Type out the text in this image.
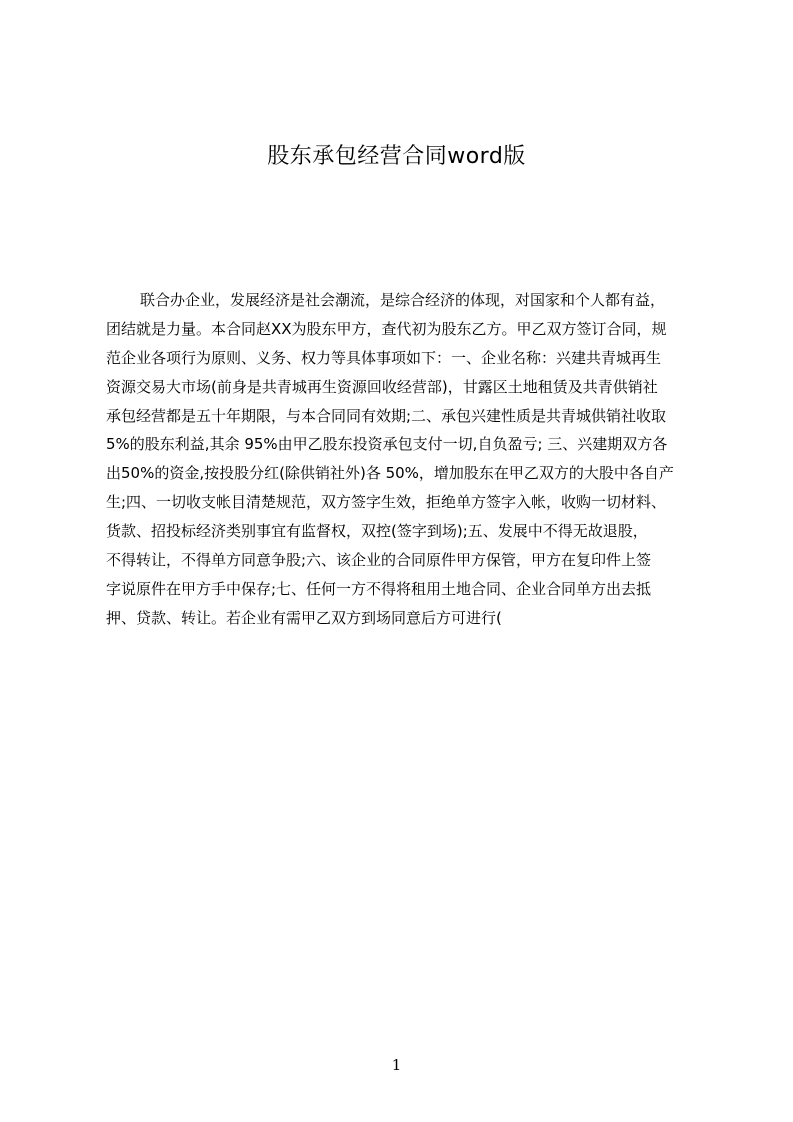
股东承包经营合同word版
联合办企业，发展经济是社会潮流，是综合经济的体现，对国家和个人都有益，
团结就是力量。本合同赵XX为股东甲方，查代初为股东乙方。甲乙双方签订合同，规
范企业各项行为原则、义务、权力等具体事项如下：一、企业名称：兴建共青城再生
资源交易大市场(前身是共青城再生资源回收经营部)，甘露区土地租赁及共青供销社
承包经营都是五十年期限，与本合同同有效期;二、承包兴建性质是共青城供销社收取
5%的股东利益,其余 95%由甲乙股东投资承包支付一切,自负盈亏; 三、兴建期双方各
出50%的资金,按投股分红(除供销社外)各 50%，增加股东在甲乙双方的大股中各自产
生;四、一切收支帐目清楚规范，双方签字生效，拒绝单方签字入帐，收购一切材料、
货款、招投标经济类别事宜有监督权，双控(签字到场);五、发展中不得无故退股，
不得转让，不得单方同意争股;六、该企业的合同原件甲方保管，甲方在复印件上签
字说原件在甲方手中保存;七、任何一方不得将租用土地合同、企业合同单方出去抵
押、贷款、转让。若企业有需甲乙双方到场同意后方可进行(
1
